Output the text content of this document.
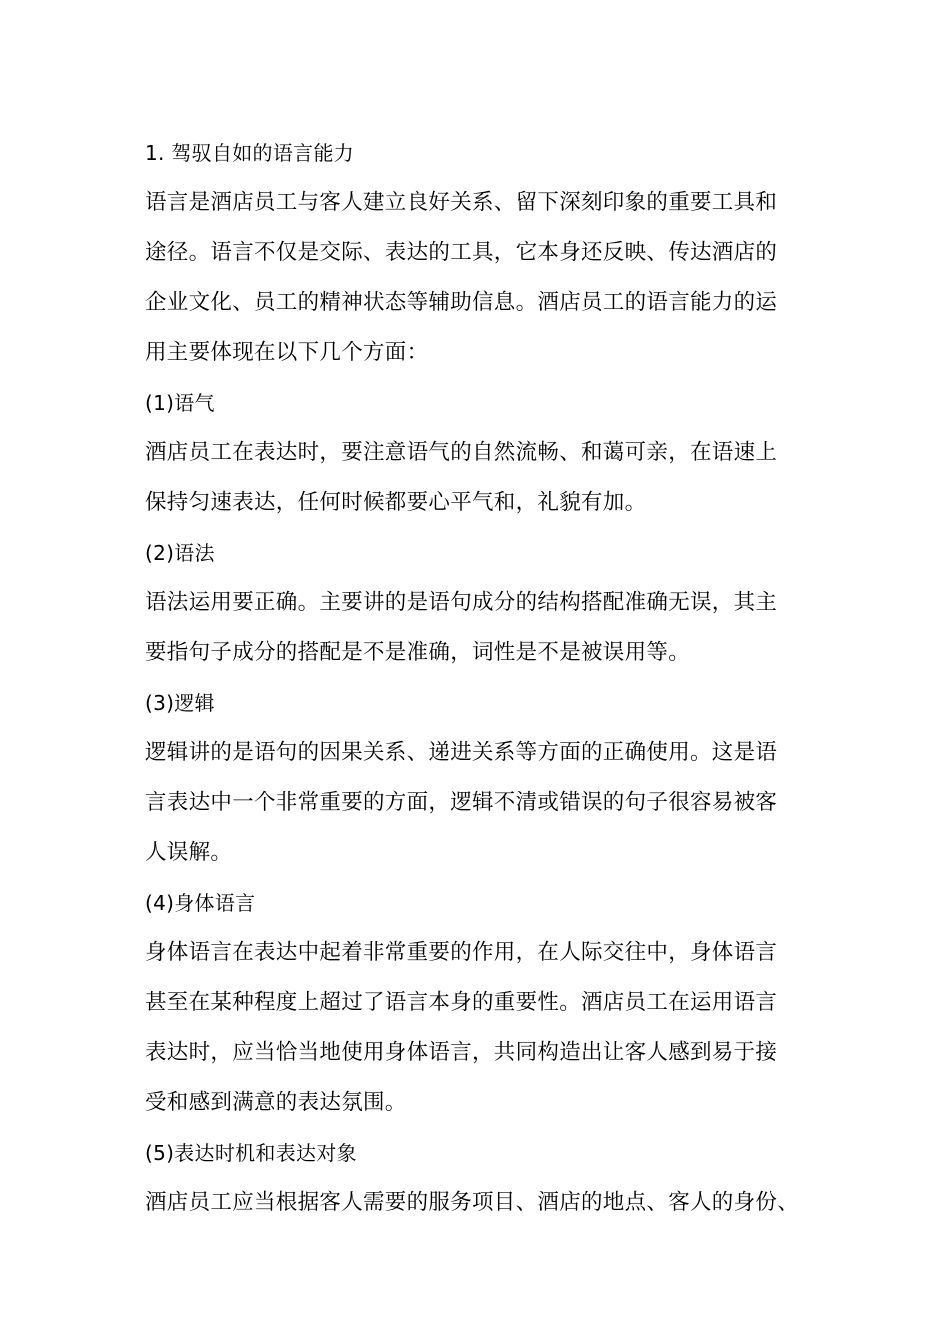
1. 驾驭自如的语言能力
语言是酒店员工与客人建立良好关系、留下深刻印象的重要工具和
途径。语言不仅是交际、表达的工具，它本身还反映、传达酒店的
企业文化、员工的精神状态等辅助信息。酒店员工的语言能力的运
用主要体现在以下几个方面：
(1)语气
酒店员工在表达时，要注意语气的自然流畅、和蔼可亲，在语速上
保持匀速表达，任何时候都要心平气和，礼貌有加。
(2)语法
语法运用要正确。主要讲的是语句成分的结构搭配准确无误，其主
要指句子成分的搭配是不是准确，词性是不是被误用等。
(3)逻辑
逻辑讲的是语句的因果关系、递进关系等方面的正确使用。这是语
言表达中一个非常重要的方面，逻辑不清或错误的句子很容易被客
人误解。
(4)身体语言
身体语言在表达中起着非常重要的作用，在人际交往中，身体语言
甚至在某种程度上超过了语言本身的重要性。酒店员工在运用语言
表达时，应当恰当地使用身体语言，共同构造出让客人感到易于接
受和感到满意的表达氛围。
(5)表达时机和表达对象
酒店员工应当根据客人需要的服务项目、酒店的地点、客人的身份、
